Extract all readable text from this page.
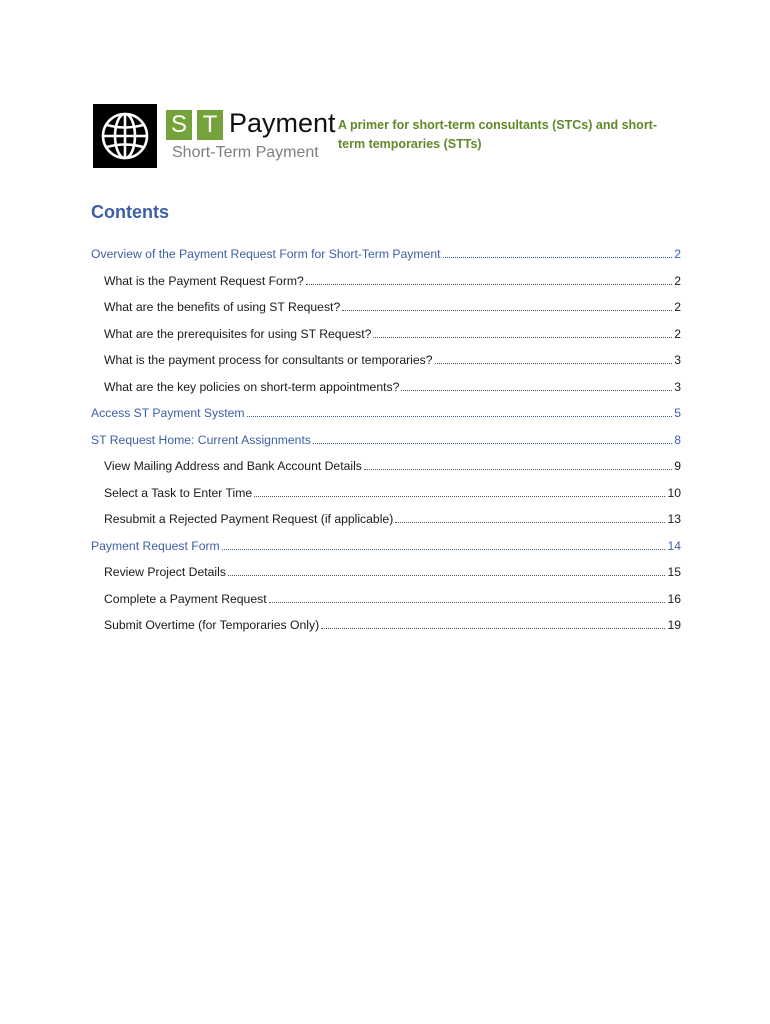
S T Payment
Short-Term Payment
A primer for short-term consultants (STCs) and short-term temporaries (STTs)
Contents
Overview of the Payment Request Form for Short-Term Payment	2
What is the Payment Request Form?	2
What are the benefits of using ST Request?	2
What are the prerequisites for using ST Request?	2
What is the payment process for consultants or temporaries?	3
What are the key policies on short-term appointments?	3
Access ST Payment System	5
ST Request Home: Current Assignments	8
View Mailing Address and Bank Account Details	9
Select a Task to Enter Time	10
Resubmit a Rejected Payment Request (if applicable)	13
Payment Request Form	14
Review Project Details	15
Complete a Payment Request	16
Submit Overtime (for Temporaries Only)	19
